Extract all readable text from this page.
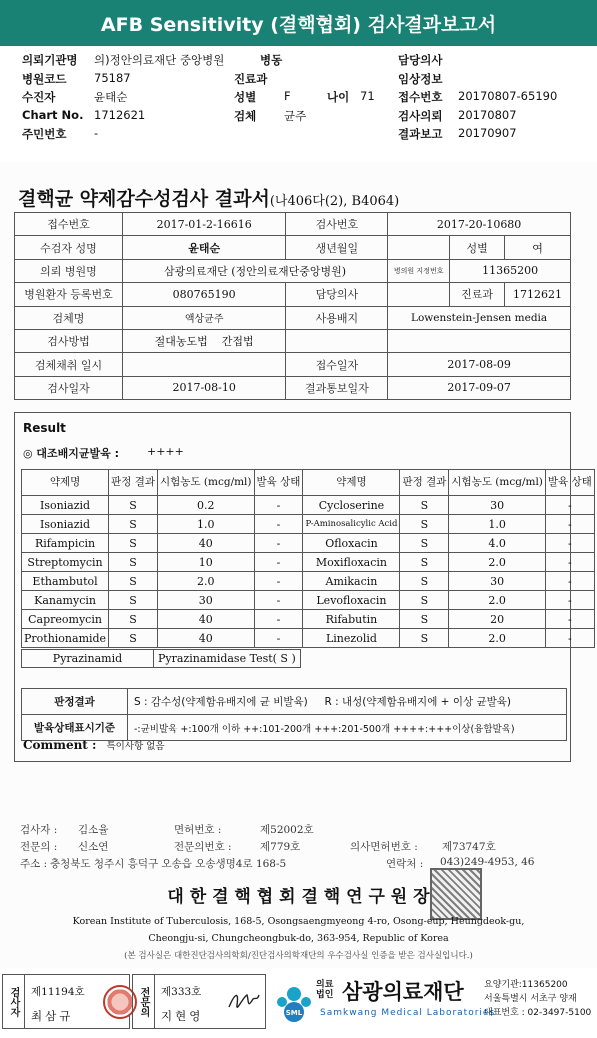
AFB Sensitivity (결핵협회) 검사결과보고서
의뢰기관명 의)정안의료재단 중앙병원	병동	담당의사
병원코드 75187	진료과	임상정보
수진자	윤태순	성별 F	나이 71 접수번호 20170807-65190
Chart No. 1712621	검체 균주	검사의뢰 20170807
주민번호 -	결과보고 20170907
결핵균 약제감수성검사 결과서(나406다(2), B4064)
접수번호	2017-01-2-16616	검사번호	2017-20-10680		
수검자 성명	윤태순	생년월일		성별	여
의뢰 병원명	삼광의료재단 (정안의료재단중앙병원)		병의원 지정번호	11365200	
병원환자 등록번호	080765190	담당의사		진료과	1712621
검체명	액상균주	사용배지	Lowenstein-Jensen media		
검사방법	절대농도법 간접법				
검체채취 일시		접수일자	2017-08-09		
검사일자	2017-08-10	결과통보일자	2017-09-07		
Result
◎ 대조배지균발육 :	++++
약제명	판정 결과	시험농도 (mcg/ml)	발육 상태	약제명	판정 결과	시험농도 (mcg/ml)	발육 상태
Isoniazid	S	0.2	-	Cycloserine	S	30	-
Isoniazid	S	1.0	-	P-Aminosalicylic Acid	S	1.0	-
Rifampicin	S	40	-	Ofloxacin	S	4.0	-
Streptomycin	S	10	-	Moxifloxacin	S	2.0	-
Ethambutol	S	2.0	-	Amikacin	S	30	-
Kanamycin	S	30	-	Levofloxacin	S	2.0	-
Capreomycin	S	40	-	Rifabutin	S	20	-
Prothionamide	S	40	-	Linezolid	S	2.0	-
Pyrazinamid	Pyrazinamidase Test( S )
판정결과	S : 감수성(약제함유배지에 균 비발육) R : 내성(약제함유배지에 + 이상 균발육)
발육상태표시기준	-:균비발육 +:100개 이하 ++:101-200개 +++:201-500개 ++++:+++이상(융합발육)
Comment : 특이사항 없음
검사자 : 김소율	면허번호 :	제52002호
전문의 : 신소연	전문의번호 :	제779호	의사면허번호 : 제73747호
주소 : 충청북도 청주시 흥덕구 오송읍 오송생명4로 168-5	연락처 : 043)249-4953, 46
대 한 결 핵 협 회 결 핵 연 구 원 장
Korean Institute of Tuberculosis, 168-5, Osongsaengmyeong 4-ro, Osong-eup, Heungdeok-gu,
Cheongju-si, Chungcheongbuk-do, 363-954, Republic of Korea
(본 검사실은 대한진단검사의학회/진단검사의학재단의 우수검사실 인증을 받은 검사실입니다.)
검사자	제11194호
최삼규	전문의	제333호
지현영	SML
의료 법인 삼광의료재단
Samkwang Medical Laboratories
요양기관:11365200
서울특별시 서초구 양재
대표번호 : 02-3497-5100
